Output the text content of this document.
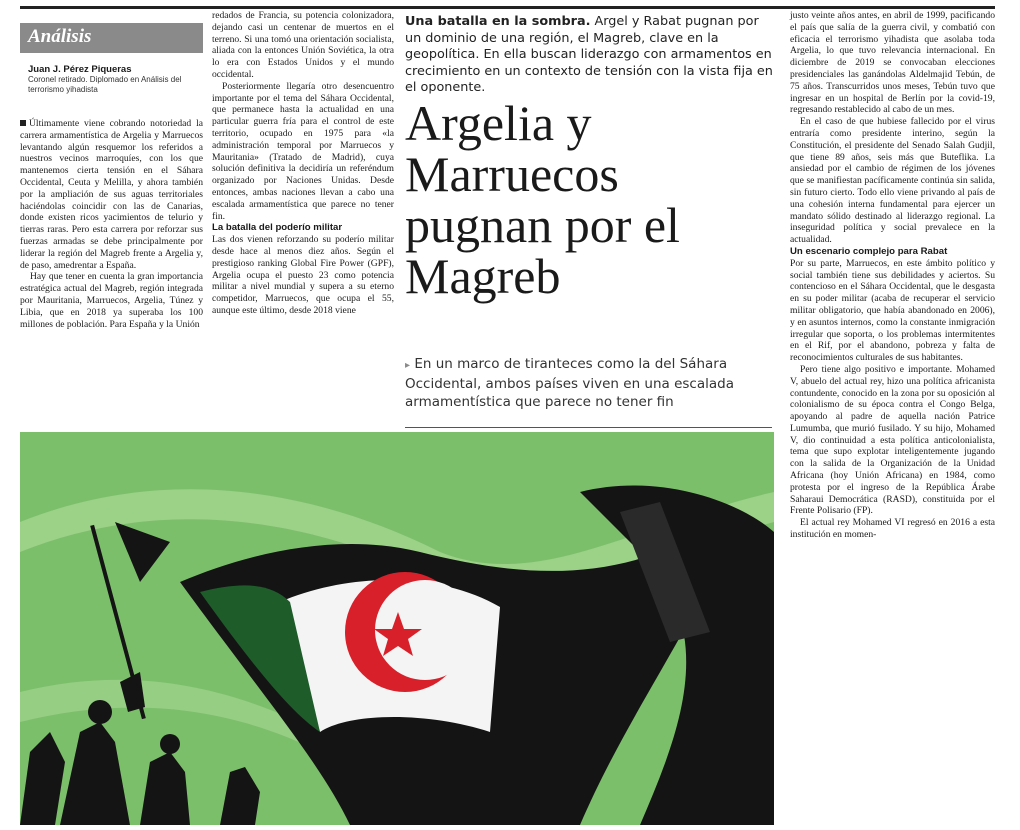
Análisis
Juan J. Pérez Piqueras
Coronel retirado. Diplomado en Análisis del terrorismo yihadista

Últimamente viene cobrando notoriedad la carrera armamentística de Argelia y Marruecos levantando algún resquemor los referidos a nuestros vecinos marroquíes, con los que mantenemos cierta tensión en el Sáhara Occidental, Ceuta y Melilla, y ahora también por la ampliación de sus aguas territoriales haciéndolas coincidir con las de Canarias, donde existen ricos yacimientos de telurio y tierras raras. Pero esta carrera por reforzar sus fuerzas armadas se debe principalmente por liderar la región del Magreb frente a Argelia y, de paso, amedrentar a España.

Hay que tener en cuenta la gran importancia estratégica actual del Magreb, región integrada por Mauritania, Marruecos, Argelia, Túnez y Libia, que en 2018 ya superaba los 100 millones de población. Para España y la Unión

redados de Francia, su potencia colonizadora, dejando casi un centenar de muertos en el terreno. Si una tomó una orientación socialista, aliada con la entonces Unión Soviética, la otra lo era con Estados Unidos y el mundo occidental.

Posteriormente llegaría otro desencuentro importante por el tema del Sáhara Occidental, que permanece hasta la actualidad en una particular guerra fría para el control de este territorio, ocupado en 1975 para «la administración temporal por Marruecos y Mauritania» (Tratado de Madrid), cuya solución definitiva la decidiría un referéndum organizado por Naciones Unidas. Desde entonces, ambas naciones llevan a cabo una escalada armamentística que parece no tener fin.

La batalla del poderío militar

Las dos vienen reforzando su poderío militar desde hace al menos diez años. Según el prestigioso ranking Global Fire Power (GPF), Argelia ocupa el puesto 23 como potencia militar a nivel mundial y supera a su eterno competidor, Marruecos, que ocupa el 55, aunque este último, desde 2018 viene

Una batalla en la sombra. Argel y Rabat pugnan por un dominio de una región, el Magreb, clave en la geopolítica. En ella buscan liderazgo con armamentos en crecimiento en un contexto de tensión con la vista fija en el oponente.
Argelia y Marruecos pugnan por el Magreb
▸ En un marco de tiranteces como la del Sáhara Occidental, ambos países viven en una escalada armamentística que parece no tener fin

justo veinte años antes, en abril de 1999, pacificando el país que salía de la guerra civil, y combatió con eficacia el terrorismo yihadista que asolaba toda Argelia, lo que tuvo relevancia internacional. En diciembre de 2019 se convocaban elecciones presidenciales las ganándolas Aldelmajid Tebún, de 75 años. Transcurridos unos meses, Tebún tuvo que ingresar en un hospital de Berlín por la covid-19, regresando restablecido al cabo de un mes.

En el caso de que hubiese fallecido por el virus entraría como presidente interino, según la Constitución, el presidente del Senado Salah Gudjil, que tiene 89 años, seis más que Buteflika. La ansiedad por el cambio de régimen de los jóvenes que se manifiestan pacíficamente continúa sin salida, sin futuro cierto. Todo ello viene privando al país de una cohesión interna fundamental para ejercer un mandato sólido destinado al liderazgo regional. La inseguridad política y social prevalece en la actualidad.

Un escenario complejo para Rabat

Por su parte, Marruecos, en este ámbito político y social también tiene sus debilidades y aciertos. Su contencioso en el Sáhara Occidental, que le desgasta en su poder militar (acaba de recuperar el servicio militar obligatorio, que había abandonado en 2006), y en asuntos internos, como la constante inmigración irregular que soporta, o los problemas intermitentes en el Rif, por el abandono, pobreza y falta de reconocimientos culturales de sus habitantes.

Pero tiene algo positivo e importante. Mohamed V, abuelo del actual rey, hizo una política africanista contundente, conocido en la zona por su oposición al colonialismo de su época contra el Congo Belga, apoyando al padre de aquella nación Patrice Lumumba, que murió fusilado. Y su hijo, Mohamed V, dio continuidad a esta política anticolonialista, tema que supo explotar inteligentemente jugando con la salida de la Organización de la Unidad Africana (hoy Unión Africana) en 1984, como protesta por el ingreso de la República Árabe Saharaui Democrática (RASD), constituida por el Frente Polisario (FP).

El actual rey Mohamed VI regresó en 2016 a esta institución en momen-
